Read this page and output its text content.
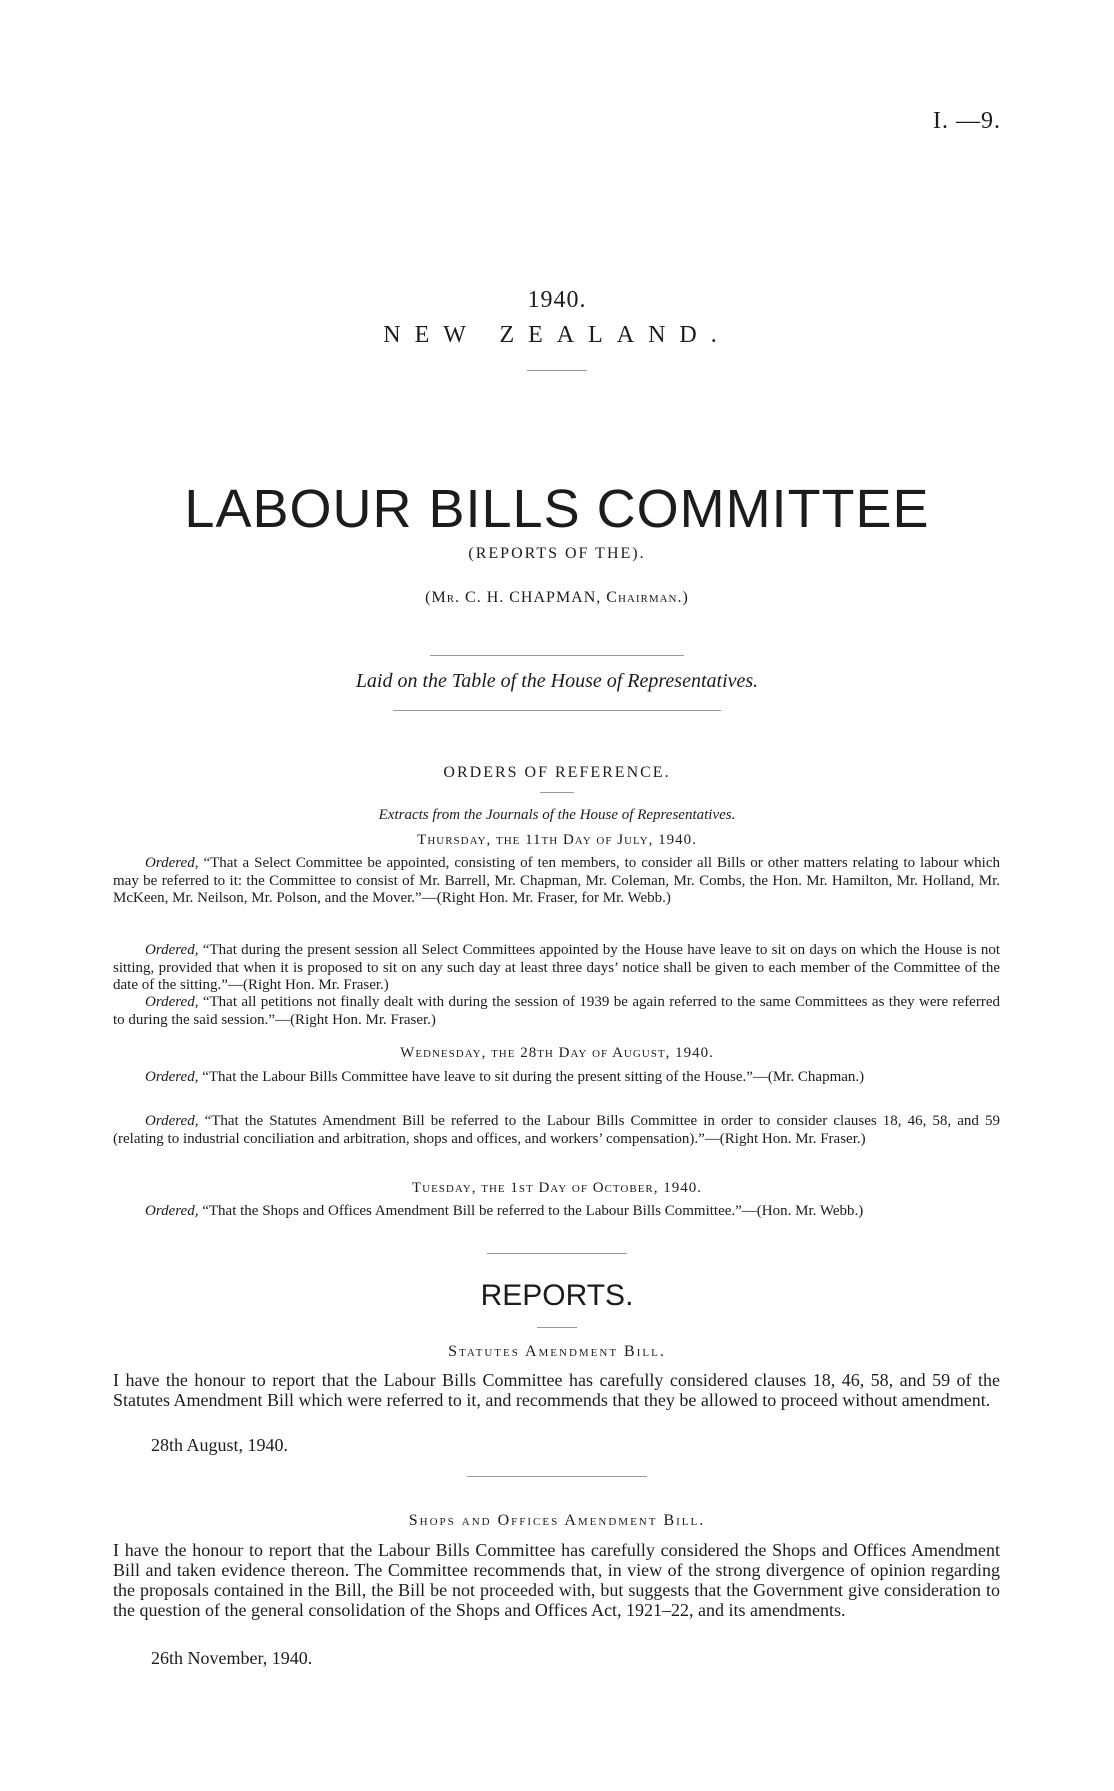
I. —9.
1940.
NEW ZEALAND.
LABOUR BILLS COMMITTEE
(REPORTS OF THE).
(Mr. C. H. CHAPMAN, Chairman.)
Laid on the Table of the House of Representatives.
ORDERS OF REFERENCE.
Extracts from the Journals of the House of Representatives.
Thursday, the 11th Day of July, 1940.

Ordered, “That a Select Committee be appointed, consisting of ten members, to consider all Bills or other matters relating to labour which may be referred to it: the Committee to consist of Mr. Barrell, Mr. Chapman, Mr. Coleman, Mr. Combs, the Hon. Mr. Hamilton, Mr. Holland, Mr. McKeen, Mr. Neilson, Mr. Polson, and the Mover.”—(Right Hon. Mr. Fraser, for Mr. Webb.)

Ordered, “That during the present session all Select Committees appointed by the House have leave to sit on days on which the House is not sitting, provided that when it is proposed to sit on any such day at least three days’ notice shall be given to each member of the Committee of the date of the sitting.”—(Right Hon. Mr. Fraser.)

Ordered, “That all petitions not finally dealt with during the session of 1939 be again referred to the same Committees as they were referred to during the said session.”—(Right Hon. Mr. Fraser.)

Wednesday, the 28th Day of August, 1940.

Ordered, “That the Labour Bills Committee have leave to sit during the present sitting of the House.”—(Mr. Chapman.)

Ordered, “That the Statutes Amendment Bill be referred to the Labour Bills Committee in order to consider clauses 18, 46, 58, and 59 (relating to industrial conciliation and arbitration, shops and offices, and workers’ compensation).”—(Right Hon. Mr. Fraser.)

Tuesday, the 1st Day of October, 1940.

Ordered, “That the Shops and Offices Amendment Bill be referred to the Labour Bills Committee.”—(Hon. Mr. Webb.)

REPORTS.
Statutes Amendment Bill.

I have the honour to report that the Labour Bills Committee has carefully considered clauses 18, 46, 58, and 59 of the Statutes Amendment Bill which were referred to it, and recommends that they be allowed to proceed without amendment.

28th August, 1940.
Shops and Offices Amendment Bill.

I have the honour to report that the Labour Bills Committee has carefully considered the Shops and Offices Amendment Bill and taken evidence thereon. The Committee recommends that, in view of the strong divergence of opinion regarding the proposals contained in the Bill, the Bill be not proceeded with, but suggests that the Government give consideration to the question of the general consolidation of the Shops and Offices Act, 1921–22, and its amendments.

26th November, 1940.
